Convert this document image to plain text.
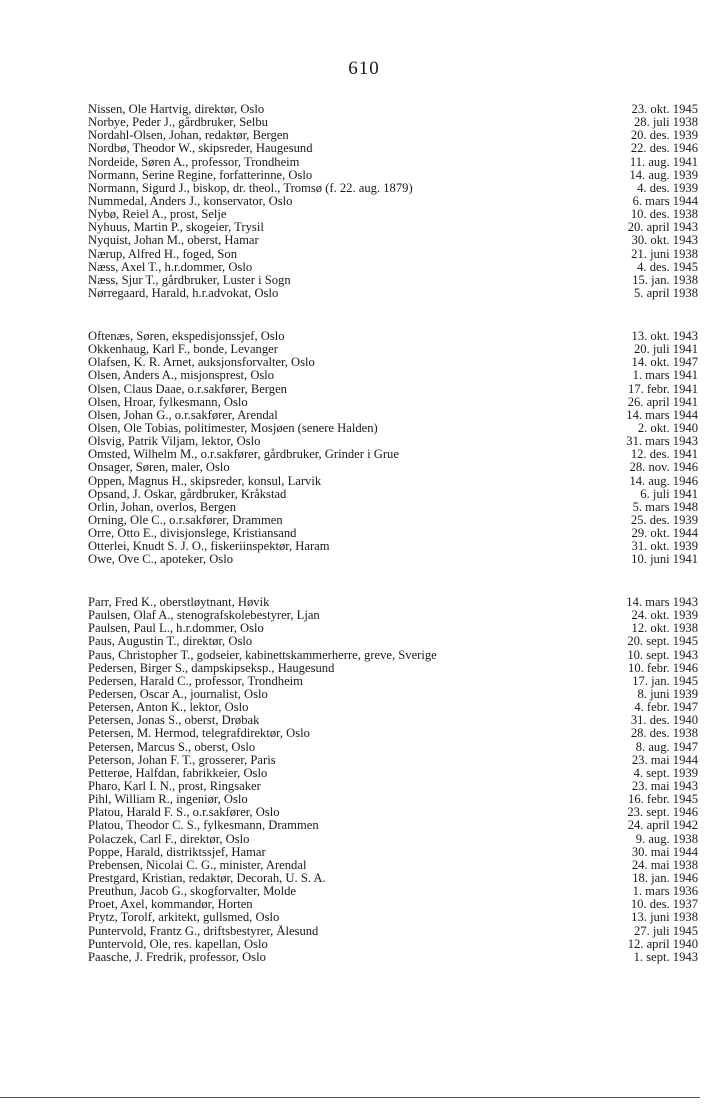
610
Nissen, Ole Hartvig, direktør, Oslo	23. okt. 1945
Norbye, Peder J., gårdbruker, Selbu	28. juli 1938
Nordahl-Olsen, Johan, redaktør, Bergen	20. des. 1939
Nordbø, Theodor W., skipsreder, Haugesund	22. des. 1946
Nordeide, Søren A., professor, Trondheim	11. aug. 1941
Normann, Serine Regine, forfatterinne, Oslo	14. aug. 1939
Normann, Sigurd J., biskop, dr. theol., Tromsø (f. 22. aug. 1879)	4. des. 1939
Nummedal, Anders J., konservator, Oslo	6. mars 1944
Nybø, Reiel A., prost, Selje	10. des. 1938
Nyhuus, Martin P., skogeier, Trysil	20. april 1943
Nyquist, Johan M., oberst, Hamar	30. okt. 1943
Nærup, Alfred H., foged, Son	21. juni 1938
Næss, Axel T., h.r.dommer, Oslo	4. des. 1945
Næss, Sjur T., gårdbruker, Luster i Sogn	15. jan. 1938
Nørregaard, Harald, h.r.advokat, Oslo	5. april 1938
Oftenæs, Søren, ekspedisjonssjef, Oslo	13. okt. 1943
Okkenhaug, Karl F., bonde, Levanger	20. juli 1941
Olafsen, K. R. Arnet, auksjonsforvalter, Oslo	14. okt. 1947
Olsen, Anders A., misjonsprest, Oslo	1. mars 1941
Olsen, Claus Daae, o.r.sakfører, Bergen	17. febr. 1941
Olsen, Hroar, fylkesmann, Oslo	26. april 1941
Olsen, Johan G., o.r.sakfører, Arendal	14. mars 1944
Olsen, Ole Tobias, politimester, Mosjøen (senere Halden)	2. okt. 1940
Olsvig, Patrik Viljam, lektor, Oslo	31. mars 1943
Omsted, Wilhelm M., o.r.sakfører, gårdbruker, Grinder i Grue	12. des. 1941
Onsager, Søren, maler, Oslo	28. nov. 1946
Oppen, Magnus H., skipsreder, konsul, Larvik	14. aug. 1946
Opsand, J. Oskar, gårdbruker, Kråkstad	6. juli 1941
Orlin, Johan, overlos, Bergen	5. mars 1948
Orning, Ole C., o.r.sakfører, Drammen	25. des. 1939
Orre, Otto E., divisjonslege, Kristiansand	29. okt. 1944
Otterlei, Knudt S. J. O., fiskeriinspektør, Haram	31. okt. 1939
Owe, Ove C., apoteker, Oslo	10. juni 1941
Parr, Fred K., oberstløytnant, Høvik	14. mars 1943
Paulsen, Olaf A., stenografskolebestyrer, Ljan	24. okt. 1939
Paulsen, Paul L., h.r.dommer, Oslo	12. okt. 1938
Paus, Augustin T., direktør, Oslo	20. sept. 1945
Paus, Christopher T., godseier, kabinettskammerherre, greve, Sverige	10. sept. 1943
Pedersen, Birger S., dampskipseksp., Haugesund	10. febr. 1946
Pedersen, Harald C., professor, Trondheim	17. jan. 1945
Pedersen, Oscar A., journalist, Oslo	8. juni 1939
Petersen, Anton K., lektor, Oslo	4. febr. 1947
Petersen, Jonas S., oberst, Drøbak	31. des. 1940
Petersen, M. Hermod, telegrafdirektør, Oslo	28. des. 1938
Petersen, Marcus S., oberst, Oslo	8. aug. 1947
Peterson, Johan F. T., grosserer, Paris	23. mai 1944
Petterøe, Halfdan, fabrikkeier, Oslo	4. sept. 1939
Pharo, Karl I. N., prost, Ringsaker	23. mai 1943
Pihl, William R., ingeniør, Oslo	16. febr. 1945
Platou, Harald F. S., o.r.sakfører, Oslo	23. sept. 1946
Platou, Theodor C. S., fylkesmann, Drammen	24. april 1942
Polaczek, Carl F., direktør, Oslo	9. aug. 1938
Poppe, Harald, distriktssjef, Hamar	30. mai 1944
Prebensen, Nicolai C. G., minister, Arendal	24. mai 1938
Prestgard, Kristian, redaktør, Decorah, U. S. A.	18. jan. 1946
Preuthun, Jacob G., skogforvalter, Molde	1. mars 1936
Proet, Axel, kommandør, Horten	10. des. 1937
Prytz, Torolf, arkitekt, gullsmed, Oslo	13. juni 1938
Puntervold, Frantz G., driftsbestyrer, Ålesund	27. juli 1945
Puntervold, Ole, res. kapellan, Oslo	12. april 1940
Paasche, J. Fredrik, professor, Oslo	1. sept. 1943
